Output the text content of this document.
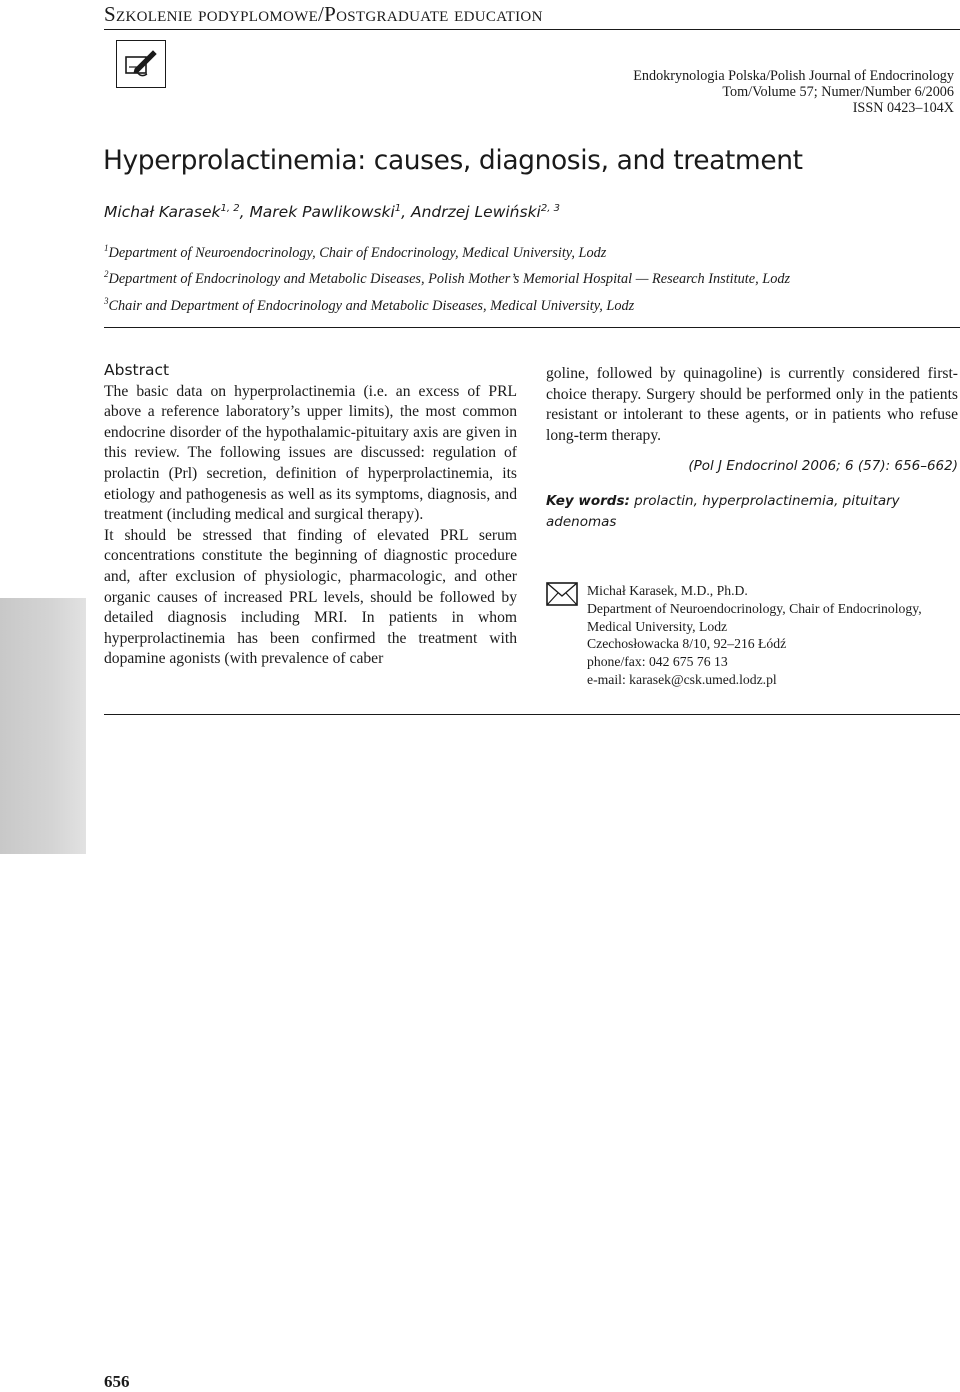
Szkolenie podyplomowe/Postgraduate education
Endokrynologia Polska/Polish Journal of Endocrinology
Tom/Volume 57; Numer/Number 6/2006
ISSN 0423–104X
Hyperprolactinemia: causes, diagnosis, and treatment
Michał Karasek$^{1, 2}$, Marek Pawlikowski$^1$, Andrzej Lewiński$^{2, 3}$
$^1$Department of Neuroendocrinology, Chair of Endocrinology, Medical University, Lodz
$^2$Department of Endocrinology and Metabolic Diseases, Polish Mother’s Memorial Hospital — Research Institute, Lodz
$^3$Chair and Department of Endocrinology and Metabolic Diseases, Medical University, Lodz
Abstract

The basic data on hyperprolactinemia (i.e. an excess of PRL above a reference laboratory’s upper limits), the most common endocrine disorder of the hypothalamic-pituitary axis are given in this review. The following issues are discussed: regulation of prolactin (Prl) secretion, definition of hyperprolactinemia, its etiology and pathogenesis as well as its symptoms, diagnosis, and treatment (including medical and surgical therapy).

It should be stressed that finding of elevated PRL serum concentrations constitute the beginning of diagnostic procedure and, after exclusion of physiologic, pharmacologic, and other organic causes of increased PRL levels, should be followed by detailed diagnosis including MRI. In patients in whom hyperprolactinemia has been confirmed the treatment with dopamine agonists (with prevalence of caber

goline, followed by quinagoline) is currently considered first-choice therapy. Surgery should be performed only in the patients resistant or intolerant to these agents, or in patients who refuse long-term therapy.

(Pol J Endocrinol 2006; 6 (57): 656–662)

Key words: prolactin, hyperprolactinemia, pituitary adenomas

Michał Karasek, M.D., Ph.D.
Department of Neuroendocrinology, Chair of Endocrinology,
Medical University, Lodz
Czechosłowacka 8/10, 92–216 Łódź
phone/fax: 042 675 76 13
e-mail: karasek@csk.umed.lodz.pl
656
